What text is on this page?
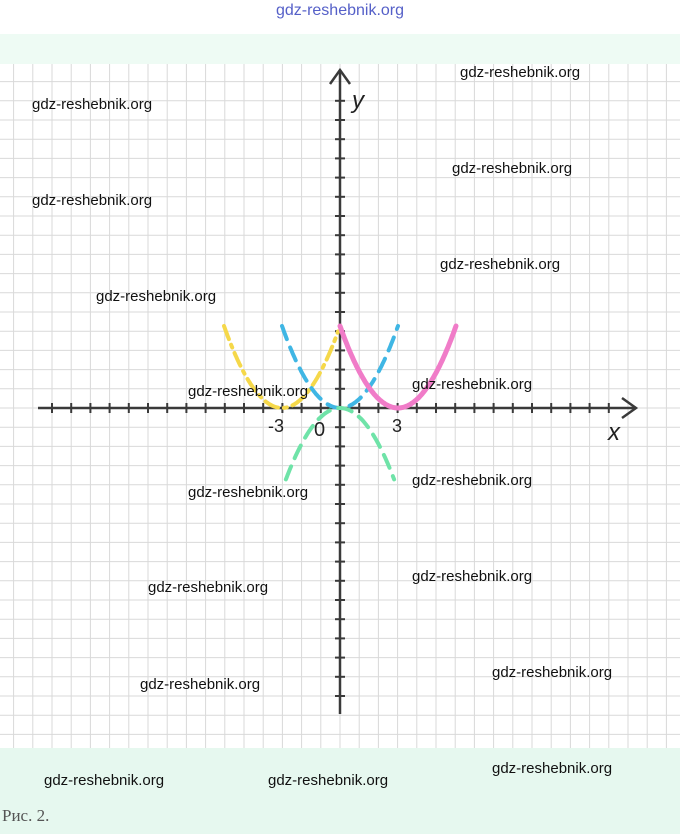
gdz-reshebnik.org
x
y
0
-3	3
gdz-reshebnik.org
gdz-reshebnik.org
gdz-reshebnik.org
gdz-reshebnik.org
gdz-reshebnik.org
gdz-reshebnik.org
gdz-reshebnik.org	gdz-reshebnik.org
gdz-reshebnik.org
gdz-reshebnik.org
gdz-reshebnik.org
gdz-reshebnik.org
gdz-reshebnik.org
gdz-reshebnik.org
gdz-reshebnik.org	gdz-reshebnik.org
gdz-reshebnik.org
Рис. 2.
